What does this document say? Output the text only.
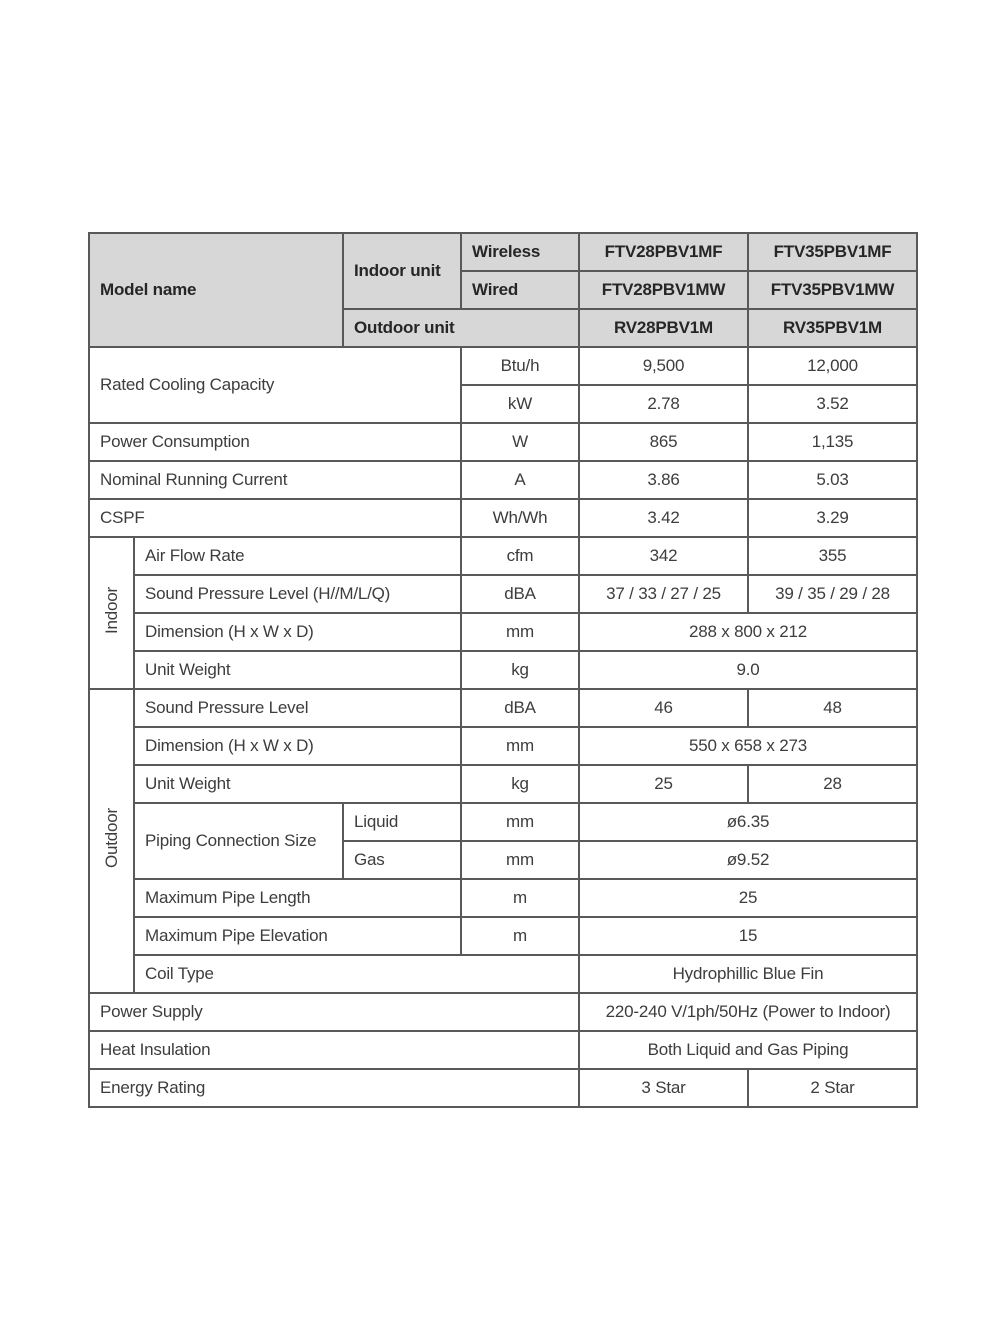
Model name		Indoor unit	Wireless	FTV28PBV1MF	FTV35PBV1MF
			Wired	FTV28PBV1MW	FTV35PBV1MW
		Outdoor unit		RV28PBV1M	RV35PBV1M
Rated Cooling Capacity			Btu/h	9,500	12,000
			kW	2.78	3.52
Power Consumption			W	865	1,135
Nominal Running Current			A	3.86	5.03
CSPF			Wh/Wh	3.42	3.29
Indoor	Air Flow Rate		cfm	342	355
	Sound Pressure Level (H//M/L/Q)		dBA	37 / 33 / 27 / 25	39 / 35 / 29 / 28
	Dimension (H x W x D)		mm	288 x 800 x 212	
	Unit Weight		kg	9.0	
Outdoor	Sound Pressure Level		dBA	46	48
	Dimension (H x W x D)		mm	550 x 658 x 273	
	Unit Weight		kg	25	28
	Piping Connection Size	Liquid	mm	ø6.35	
		Gas	mm	ø9.52	
	Maximum Pipe Length		m	25	
	Maximum Pipe Elevation		m	15	
	Coil Type			Hydrophillic Blue Fin	
Power Supply				220-240 V/1ph/50Hz (Power to Indoor)	
Heat Insulation				Both Liquid and Gas Piping	
Energy Rating				3 Star	2 Star
